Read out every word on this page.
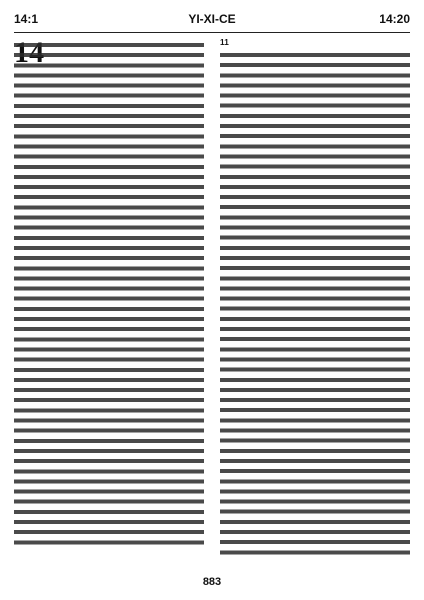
14:1	YI-XI-CE	14:20
14	11
883
